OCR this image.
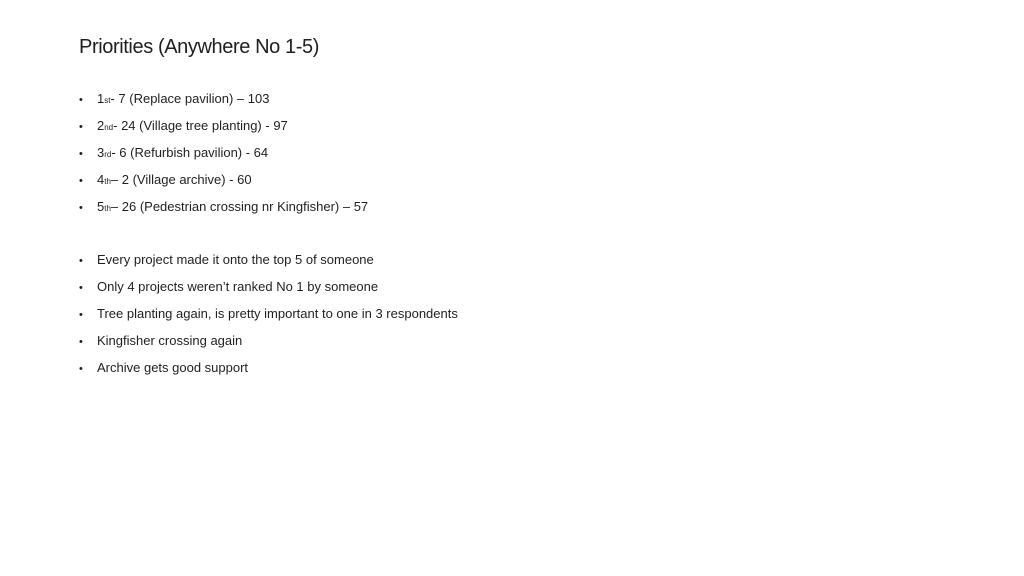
Priorities (Anywhere No 1-5)
•	1 st - 7 (Replace pavilion) – 103
•	2 nd - 24 (Village tree planting) - 97
•	3 rd - 6 (Refurbish pavilion) - 64
•	4 th – 2 (Village archive) - 60
•	5 th – 26 (Pedestrian crossing nr Kingfisher) – 57
•	Every project made it onto the top 5 of someone
•	Only 4 projects weren’t ranked No 1 by someone
•	Tree planting again, is pretty important to one in 3 respondents
•	Kingfisher crossing again
•	Archive gets good support
